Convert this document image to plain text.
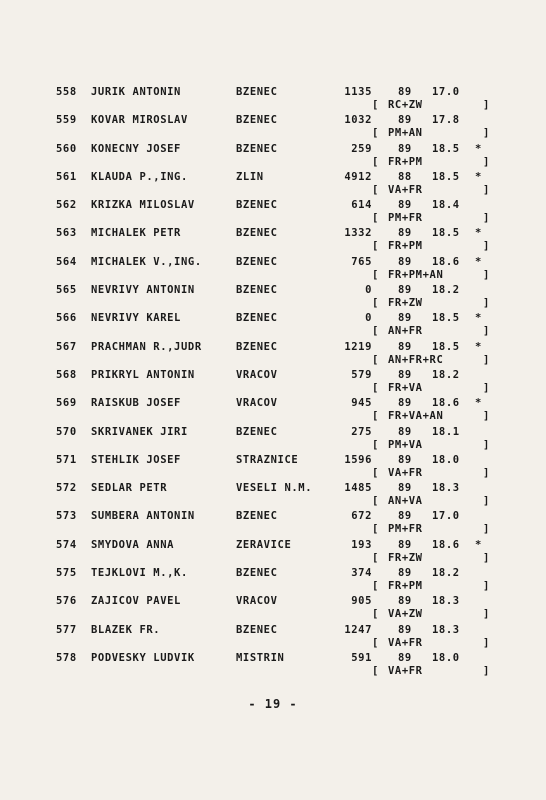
558 JURIK ANTONIN	BZENEC	1135 89 17.0
[ RC+ZW	]
559 KOVAR MIROSLAV	BZENEC	1032 89 17.8
[ PM+AN	]
560 KONECNY JOSEF	BZENEC	259 89 18.5 *
[ FR+PM	]
561 KLAUDA P.,ING.	ZLIN	4912 88 18.5 *
[ VA+FR	]
562 KRIZKA MILOSLAV	BZENEC	614 89 18.4
[ PM+FR	]
563 MICHALEK PETR	BZENEC	1332 89 18.5 *
[ FR+PM	]
564 MICHALEK V.,ING.	BZENEC	765 89 18.6 *
[ FR+PM+AN	]
565 NEVRIVY ANTONIN	BZENEC	0 89 18.2
[ FR+ZW	]
566 NEVRIVY KAREL	BZENEC	0 89 18.5 *
[ AN+FR	]
567 PRACHMAN R.,JUDR	BZENEC	1219 89 18.5 *
[ AN+FR+RC	]
568 PRIKRYL ANTONIN	VRACOV	579 89 18.2
[ FR+VA	]
569 RAISKUB JOSEF	VRACOV	945 89 18.6 *
[ FR+VA+AN	]
570 SKRIVANEK JIRI	BZENEC	275 89 18.1
[ PM+VA	]
571 STEHLIK JOSEF	STRAZNICE	1596 89 18.0
[ VA+FR	]
572 SEDLAR PETR	VESELI N.M.	1485 89 18.3
[ AN+VA	]
573 SUMBERA ANTONIN	BZENEC	672 89 17.0
[ PM+FR	]
574 SMYDOVA ANNA	ZERAVICE	193 89 18.6 *
[ FR+ZW	]
575 TEJKLOVI M.,K.	BZENEC	374 89 18.2
[ FR+PM	]
576 ZAJICOV PAVEL	VRACOV	905 89 18.3
[ VA+ZW	]
577 BLAZEK FR.	BZENEC	1247 89 18.3
[ VA+FR	]
578 PODVESKY LUDVIK	MISTRIN	591 89 18.0
[ VA+FR	]
- 19 -
